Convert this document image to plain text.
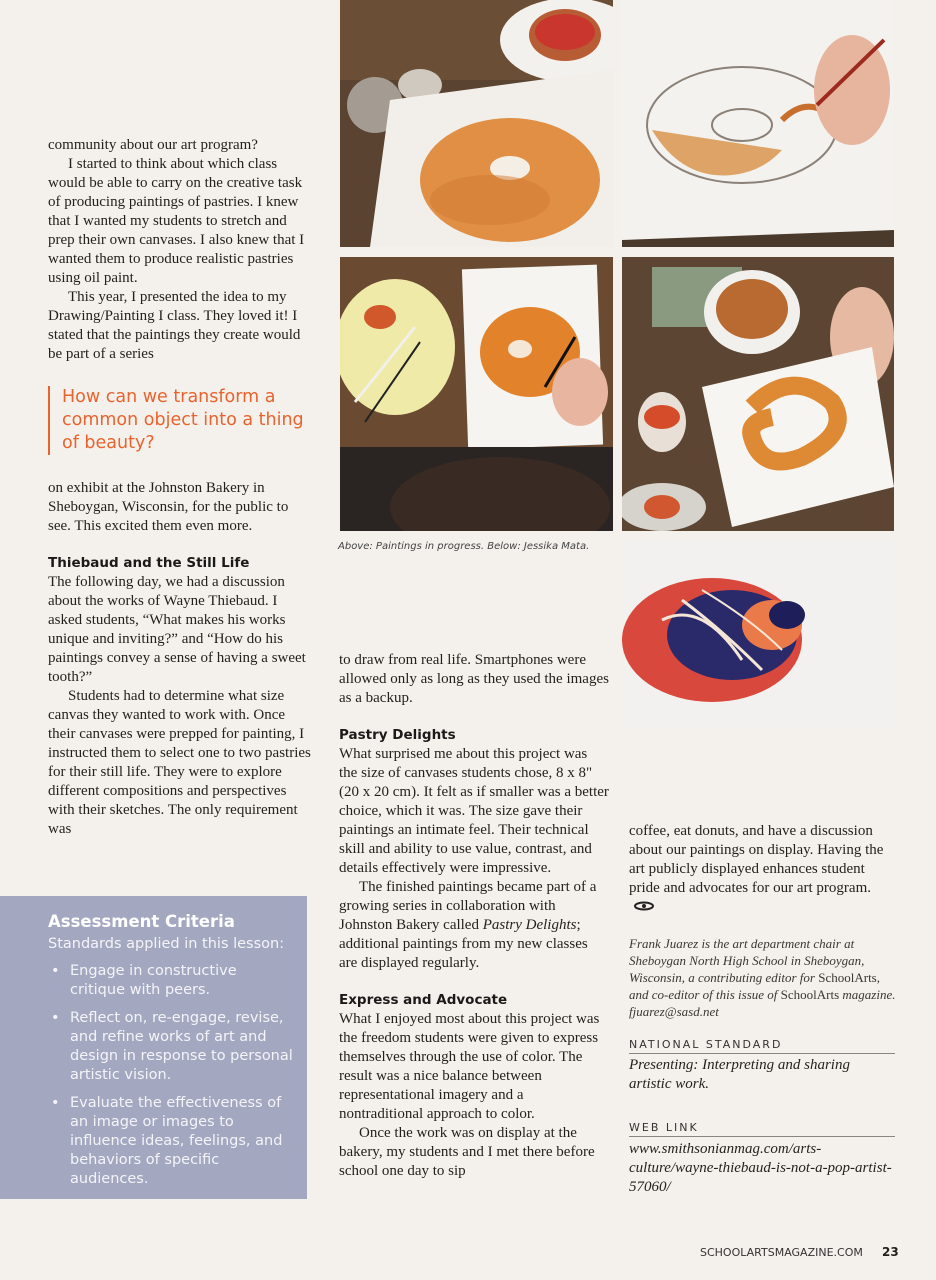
community about our art program?

I started to think about which class would be able to carry on the creative task of producing paintings of pastries. I knew that I wanted my students to stretch and prep their own canvases. I also knew that I wanted them to produce realistic pastries using oil paint.

This year, I presented the idea to my Drawing/Painting I class. They loved it! I stated that the paintings they create would be part of a series

How can we transform a common object into a thing of beauty?

on exhibit at the Johnston Bakery in Sheboygan, Wisconsin, for the public to see. This excited them even more.

Thiebaud and the Still Life

The following day, we had a discussion about the works of Wayne Thiebaud. I asked students, “What makes his works unique and inviting?” and “How do his paintings convey a sense of having a sweet tooth?”

Students had to determine what size canvas they wanted to work with. Once their canvases were prepped for painting, I instructed them to select one to two pastries for their still life. They were to explore different compositions and perspectives with their sketches. The only requirement was

Above: Paintings in progress. Below: Jessika Mata.

to draw from real life. Smartphones were allowed only as long as they used the images as a backup.

Pastry Delights

What surprised me about this project was the size of canvases students chose, 8 x 8" (20 x 20 cm). It felt as if smaller was a better choice, which it was. The size gave their paintings an intimate feel. Their technical skill and ability to use value, contrast, and details effectively were impressive.

The finished paintings became part of a growing series in collaboration with Johnston Bakery called Pastry Delights; additional paintings from my new classes are displayed regularly.

Express and Advocate

What I enjoyed most about this project was the freedom students were given to express themselves through the use of color. The result was a nice balance between representational imagery and a nontraditional approach to color.

Once the work was on display at the bakery, my students and I met there before school one day to sip

coffee, eat donuts, and have a discussion about our paintings on display. Having the art publicly displayed enhances student pride and advocates for our art program.

Frank Juarez is the art department chair at Sheboygan North High School in Sheboygan, Wisconsin, a contributing editor for SchoolArts, and co-editor of this issue of SchoolArts magazine. fjuarez@sasd.net
NATIONAL STANDARD
Presenting: Interpreting and sharing artistic work.
WEB LINK
www.smithsonianmag.com/arts-culture/wayne-thiebaud-is-not-a-pop-artist-57060/
Assessment Criteria
Standards applied in this lesson:
• Engage in constructive critique with peers.
• Reflect on, re-engage, revise, and refine works of art and design in response to personal artistic vision.
• Evaluate the effectiveness of an image or images to influence ideas, feelings, and behaviors of specific audiences.
SCHOOLARTSMAGAZINE.COM 23
